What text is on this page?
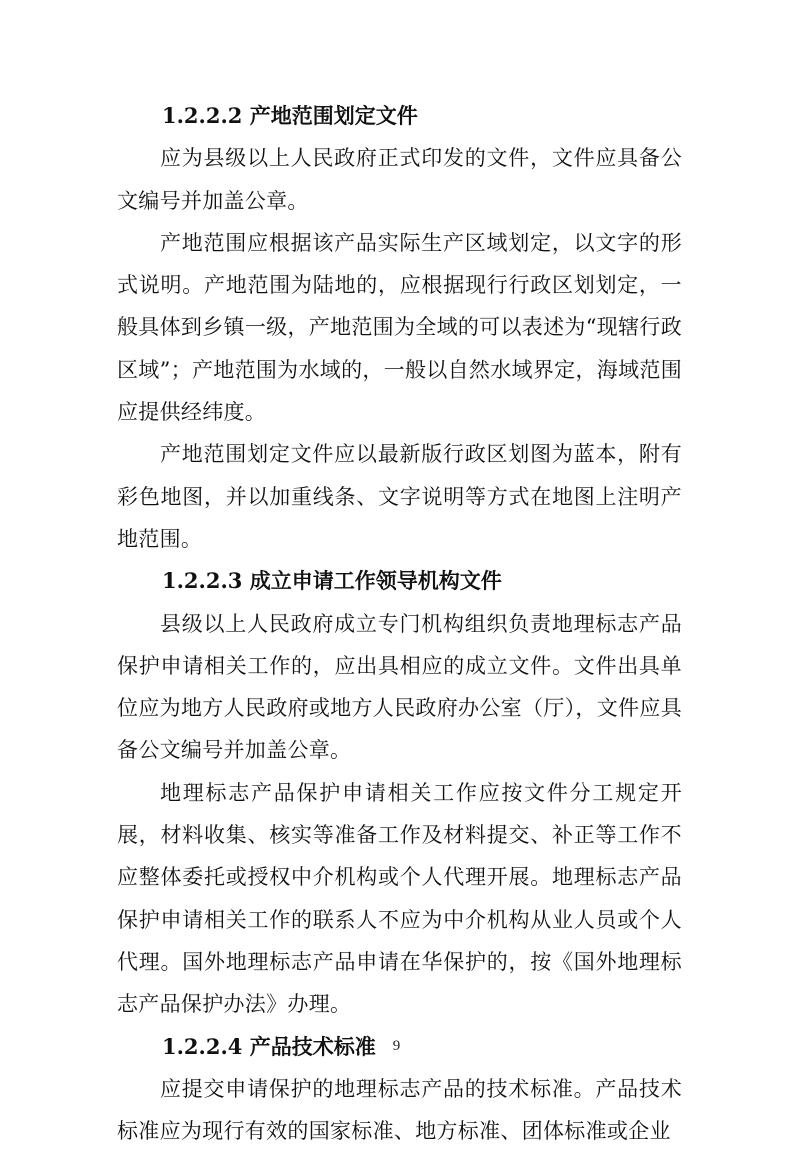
1.2.2.2 产地范围划定文件
应为县级以上人民政府正式印发的文件，文件应具备公文编号并加盖公章。
产地范围应根据该产品实际生产区域划定，以文字的形式说明。产地范围为陆地的，应根据现行行政区划划定，一般具体到乡镇一级，产地范围为全域的可以表述为“现辖行政区域”；产地范围为水域的，一般以自然水域界定，海域范围应提供经纬度。
产地范围划定文件应以最新版行政区划图为蓝本，附有彩色地图，并以加重线条、文字说明等方式在地图上注明产地范围。
1.2.2.3 成立申请工作领导机构文件
县级以上人民政府成立专门机构组织负责地理标志产品保护申请相关工作的，应出具相应的成立文件。文件出具单位应为地方人民政府或地方人民政府办公室（厅），文件应具备公文编号并加盖公章。
地理标志产品保护申请相关工作应按文件分工规定开展，材料收集、核实等准备工作及材料提交、补正等工作不应整体委托或授权中介机构或个人代理开展。地理标志产品保护申请相关工作的联系人不应为中介机构从业人员或个人代理。国外地理标志产品申请在华保护的，按《国外地理标志产品保护办法》办理。
1.2.2.4 产品技术标准
应提交申请保护的地理标志产品的技术标准。产品技术标准应为现行有效的国家标准、地方标准、团体标准或企业
9
